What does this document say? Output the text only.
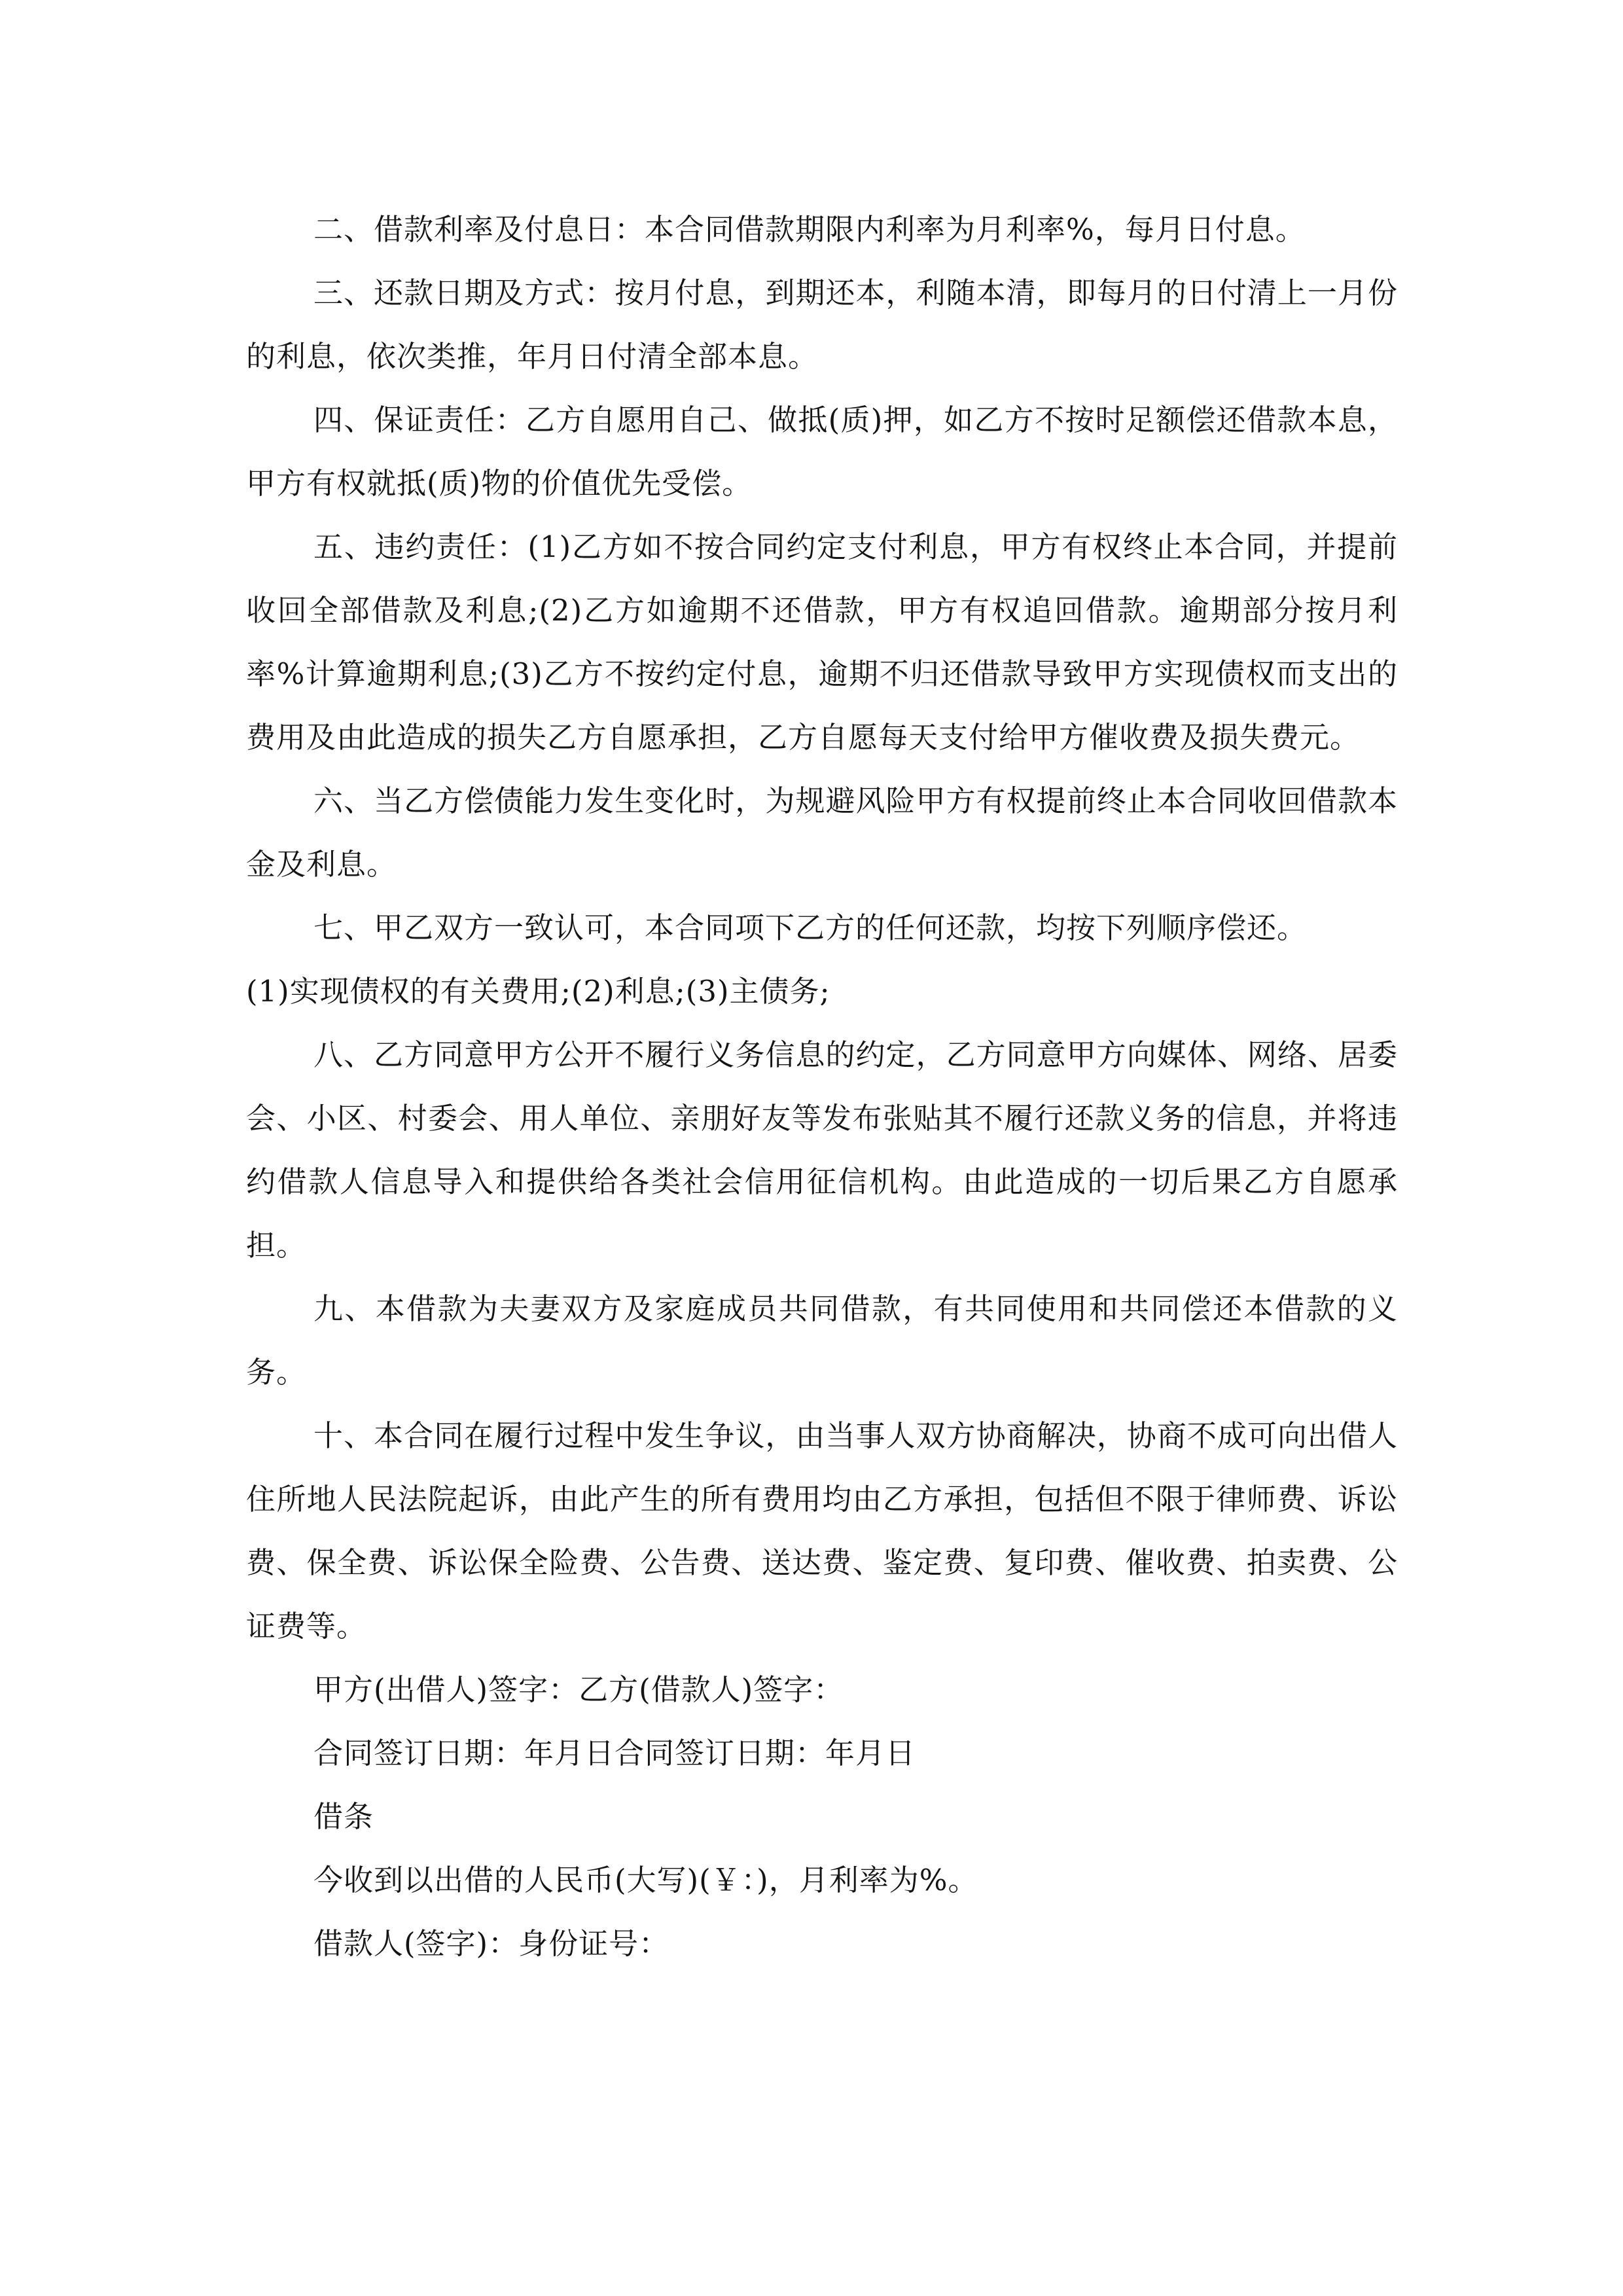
二、借款利率及付息日：本合同借款期限内利率为月利率%，每月日付息。

三、还款日期及方式：按月付息，到期还本，利随本清，即每月的日付清上一月份的利息，依次类推，年月日付清全部本息。

四、保证责任：乙方自愿用自己、做抵(质)押，如乙方不按时足额偿还借款本息，甲方有权就抵(质)物的价值优先受偿。

五、违约责任：(1)乙方如不按合同约定支付利息，甲方有权终止本合同，并提前收回全部借款及利息;(2)乙方如逾期不还借款，甲方有权追回借款。逾期部分按月利率%计算逾期利息;(3)乙方不按约定付息，逾期不归还借款导致甲方实现债权而支出的费用及由此造成的损失乙方自愿承担，乙方自愿每天支付给甲方催收费及损失费元。

六、当乙方偿债能力发生变化时，为规避风险甲方有权提前终止本合同收回借款本金及利息。

七、甲乙双方一致认可，本合同项下乙方的任何还款，均按下列顺序偿还。

(1)实现债权的有关费用;(2)利息;(3)主债务;

八、乙方同意甲方公开不履行义务信息的约定，乙方同意甲方向媒体、网络、居委会、小区、村委会、用人单位、亲朋好友等发布张贴其不履行还款义务的信息，并将违约借款人信息导入和提供给各类社会信用征信机构。由此造成的一切后果乙方自愿承担。

九、本借款为夫妻双方及家庭成员共同借款，有共同使用和共同偿还本借款的义务。

十、本合同在履行过程中发生争议，由当事人双方协商解决，协商不成可向出借人住所地人民法院起诉，由此产生的所有费用均由乙方承担，包括但不限于律师费、诉讼费、保全费、诉讼保全险费、公告费、送达费、鉴定费、复印费、催收费、拍卖费、公证费等。

甲方(出借人)签字：乙方(借款人)签字：

合同签订日期：年月日合同签订日期：年月日

借条

今收到以出借的人民币(大写)(￥：)，月利率为%。

借款人(签字)：身份证号：
